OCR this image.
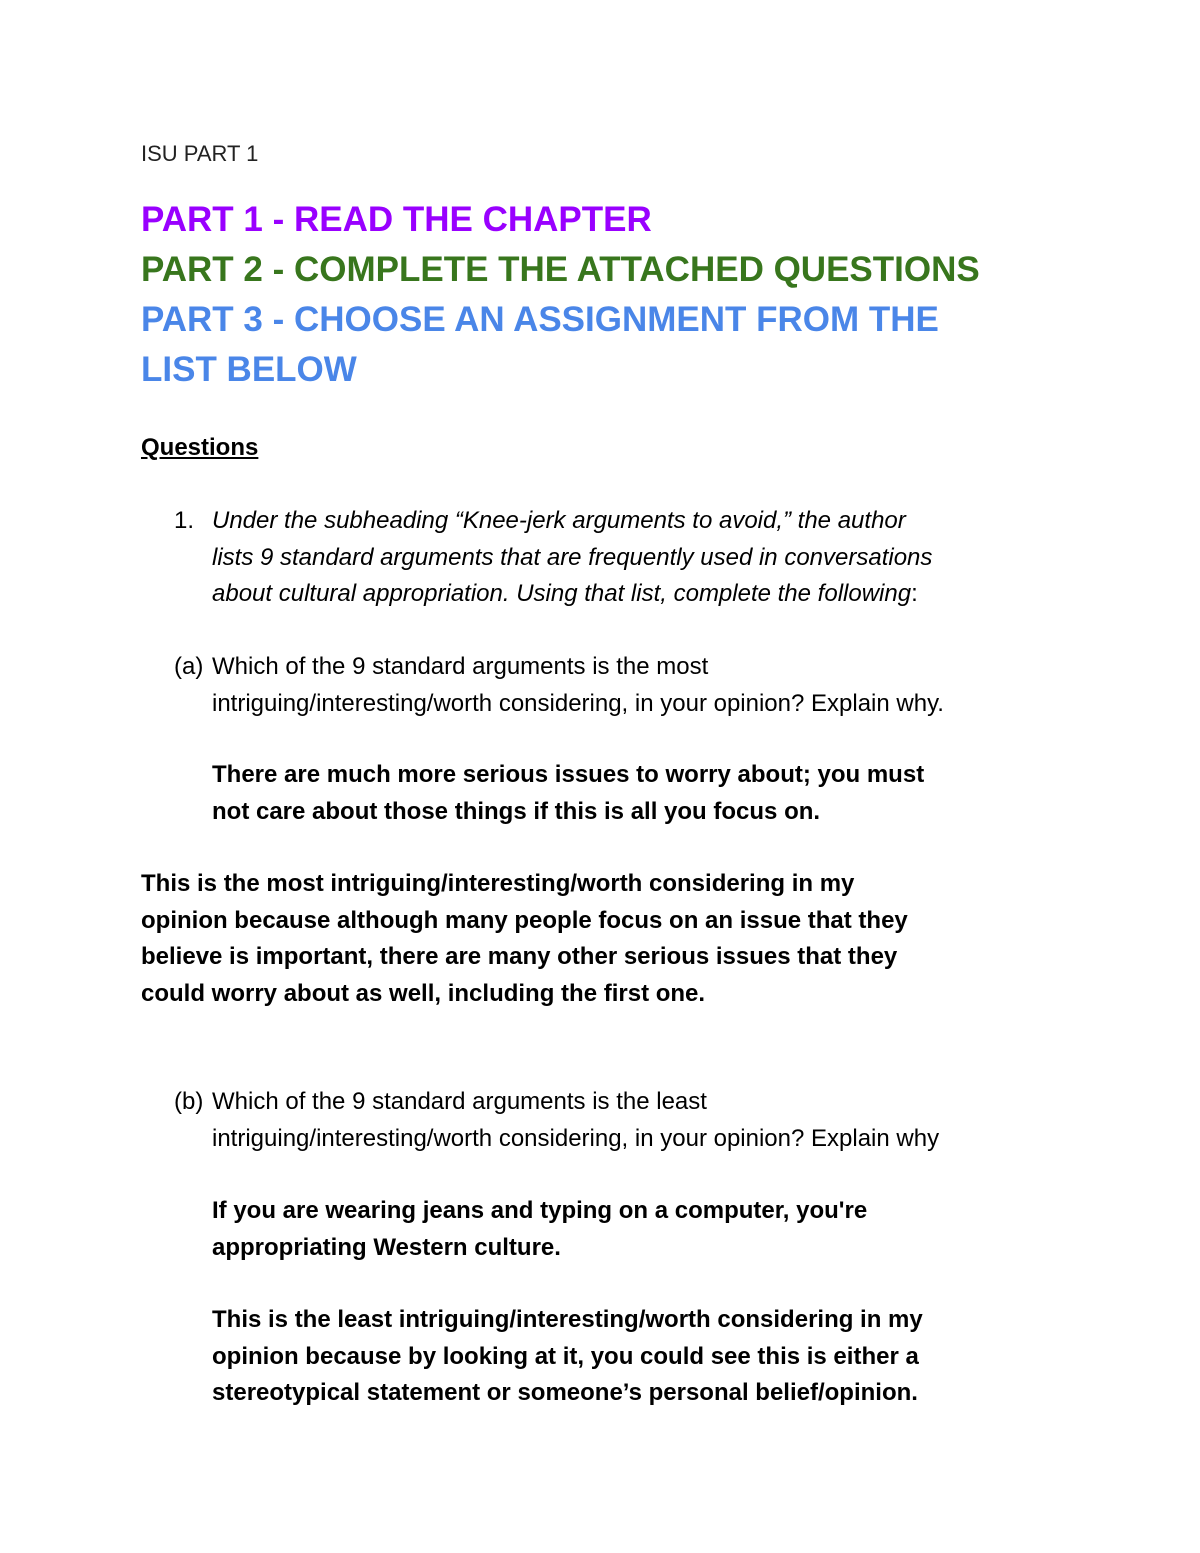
ISU PART 1
PART 1 - READ THE CHAPTER
PART 2 - COMPLETE THE ATTACHED QUESTIONS
PART 3 - CHOOSE AN ASSIGNMENT FROM THE
LIST BELOW
Questions
1. Under the subheading “Knee-jerk arguments to avoid,” the author
lists 9 standard arguments that are frequently used in conversations
about cultural appropriation. Using that list, complete the following:
(a) Which of the 9 standard arguments is the most
intriguing/interesting/worth considering, in your opinion? Explain why.
There are much more serious issues to worry about; you must
not care about those things if this is all you focus on.
This is the most intriguing/interesting/worth considering in my
opinion because although many people focus on an issue that they
believe is important, there are many other serious issues that they
could worry about as well, including the first one.
(b) Which of the 9 standard arguments is the least
intriguing/interesting/worth considering, in your opinion? Explain why
If you are wearing jeans and typing on a computer, you're
appropriating Western culture.
This is the least intriguing/interesting/worth considering in my
opinion because by looking at it, you could see this is either a
stereotypical statement or someone’s personal belief/opinion.
